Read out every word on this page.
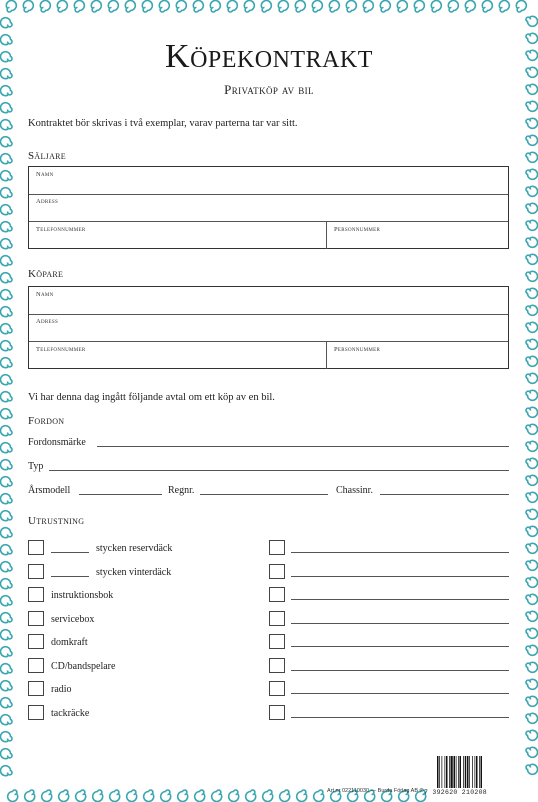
Köpekontrakt
Privatköp av bil
Kontraktet bör skrivas i två exemplar, varav parterna tar var sitt.
Säljare
Namn
Adress
Telefonnummer	Personnummer
Köpare
Namn
Adress
Telefonnummer	Personnummer
Vi har denna dag ingått följande avtal om ett köp av en bil.
Fordon
Fordonsmärke
Typ
Årsmodell	Regnr.	Chassinr.
Utrustning
stycken reservdäck
stycken vinterdäck
instruktionsbok
servicebox
domkraft
CD/bandspelare
radio
tackräcke
Art.nr 022110030 — Burda Förlag AB © 7 392620 210208
